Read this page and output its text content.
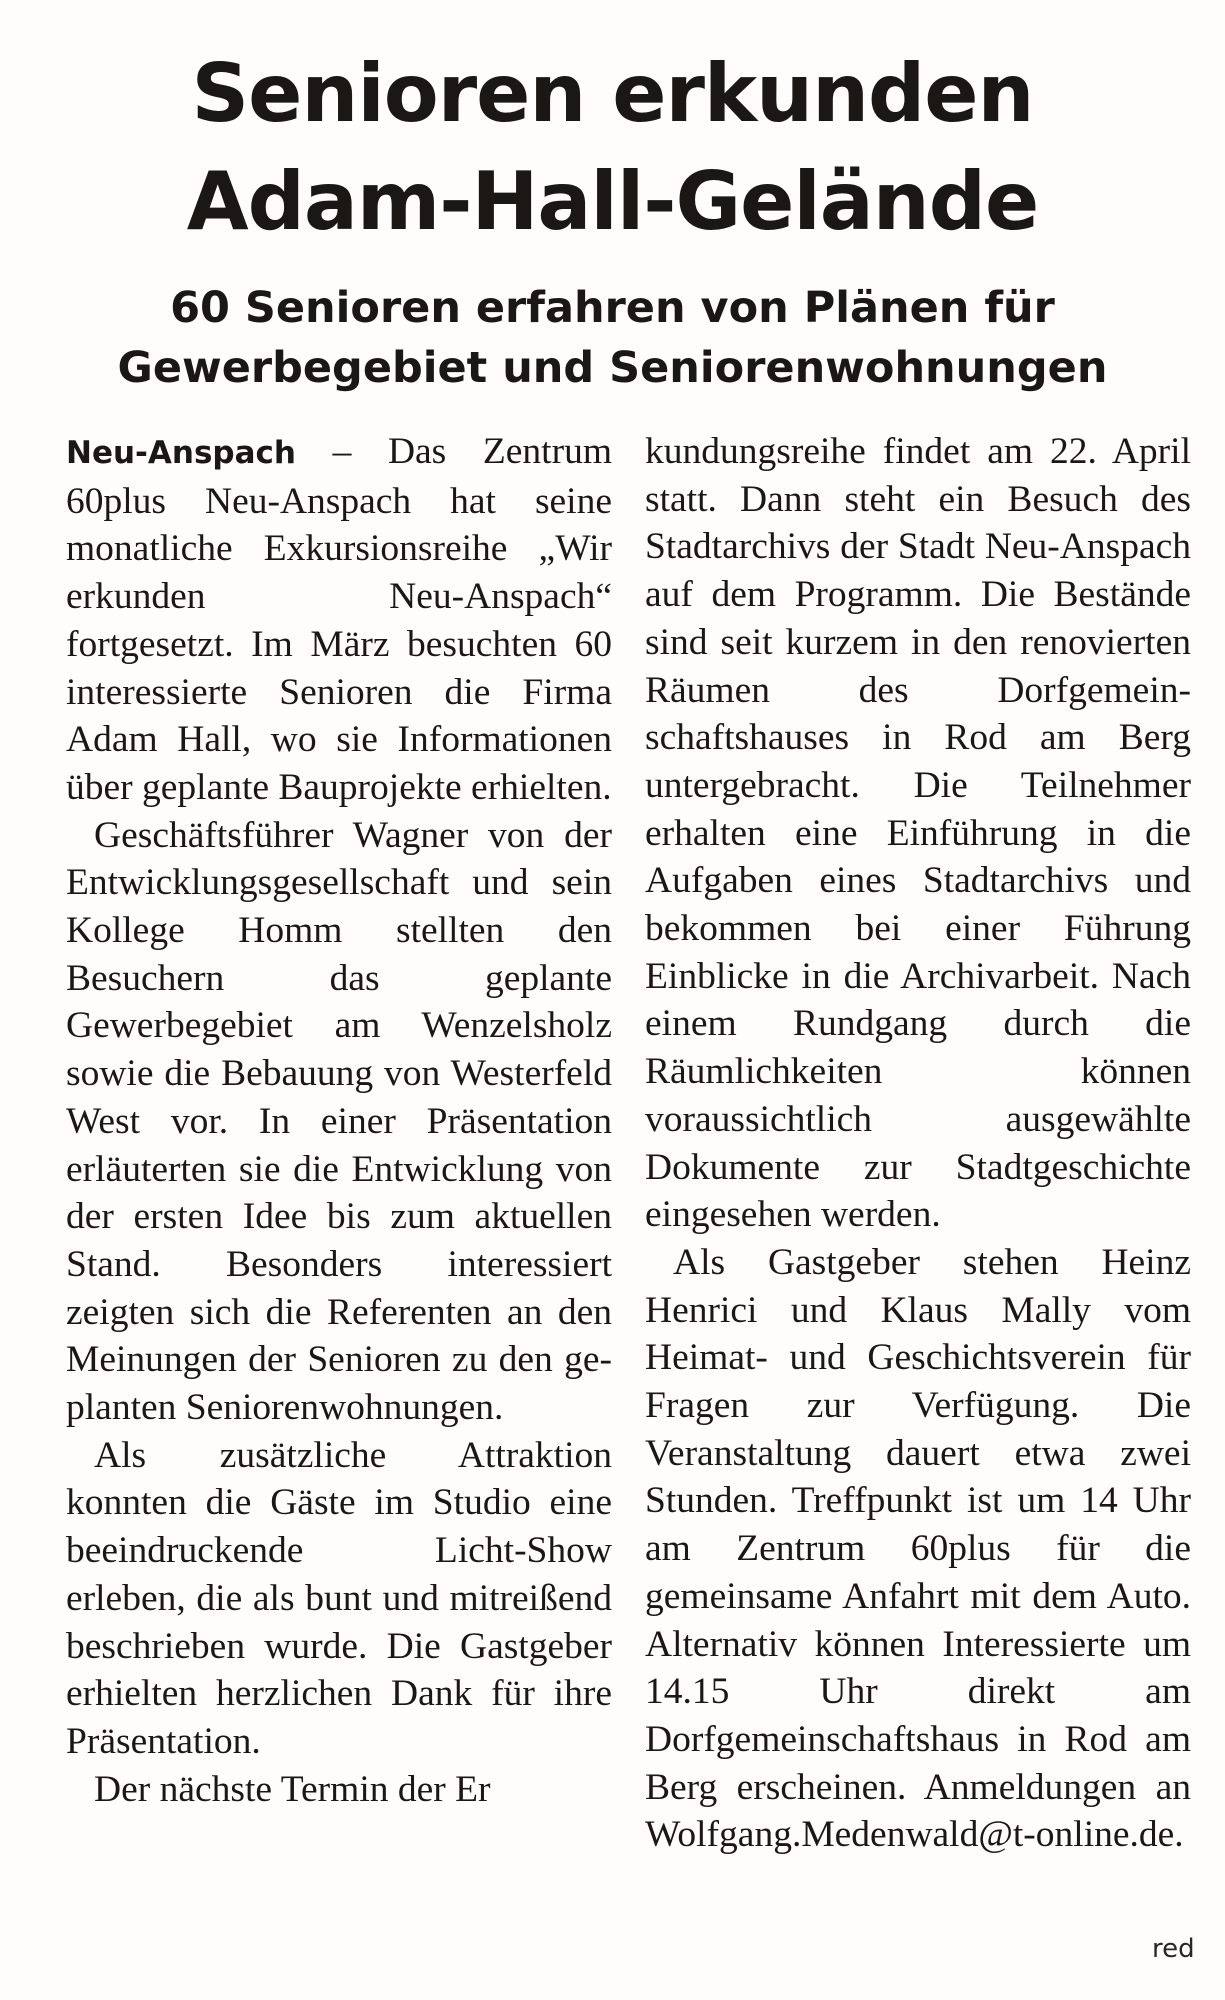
Senioren erkunden
Adam-Hall-Gelände
60 Senioren erfahren von Plänen für
Gewerbegebiet und Seniorenwohnungen

Neu-Anspach – Das Zentrum 60plus Neu-Anspach hat seine monatliche Exkursionsreihe „Wir erkunden Neu-Anspach“ fortgesetzt. Im März besuchten 60 interessierte Senioren die Firma Adam Hall, wo sie Informationen über geplante Bauprojekte erhielten.

Geschäftsführer Wagner von der Entwicklungsgesellschaft und sein Kollege Homm stellten den Besuchern das geplante Gewerbegebiet am Wenzelsholz sowie die Bebauung von Westerfeld West vor. In einer Präsentation erläuterten sie die Entwicklung von der ersten Idee bis zum aktuellen Stand. Besonders interessiert zeigten sich die Referenten an den Meinungen der Senioren zu den geplanten Seniorenwohnungen.

Als zusätzliche Attraktion konnten die Gäste im Studio eine beeindruckende Licht-Show erleben, die als bunt und mitreißend beschrieben wurde. Die Gastgeber erhielten herzlichen Dank für ihre Präsentation.

Der nächste Termin der Er

kundungsreihe findet am 22. April statt. Dann steht ein Besuch des Stadtarchivs der Stadt Neu-Anspach auf dem Programm. Die Bestände sind seit kurzem in den renovierten Räumen des Dorfgemeinschaftshauses in Rod am Berg untergebracht. Die Teilnehmer erhalten eine Einführung in die Aufgaben eines Stadtarchivs und bekommen bei einer Führung Einblicke in die Archivarbeit. Nach einem Rundgang durch die Räumlichkeiten können voraussichtlich ausgewählte Dokumente zur Stadtgeschichte eingesehen werden.

Als Gastgeber stehen Heinz Henrici und Klaus Mally vom Heimat- und Geschichtsverein für Fragen zur Verfügung. Die Veranstaltung dauert etwa zwei Stunden. Treffpunkt ist um 14 Uhr am Zentrum 60plus für die gemeinsame Anfahrt mit dem Auto. Alternativ können Interessierte um 14.15 Uhr direkt am Dorfgemeinschaftshaus in Rod am Berg erscheinen. Anmeldungen an Wolfgang.Medenwald@t-online.de.

red
